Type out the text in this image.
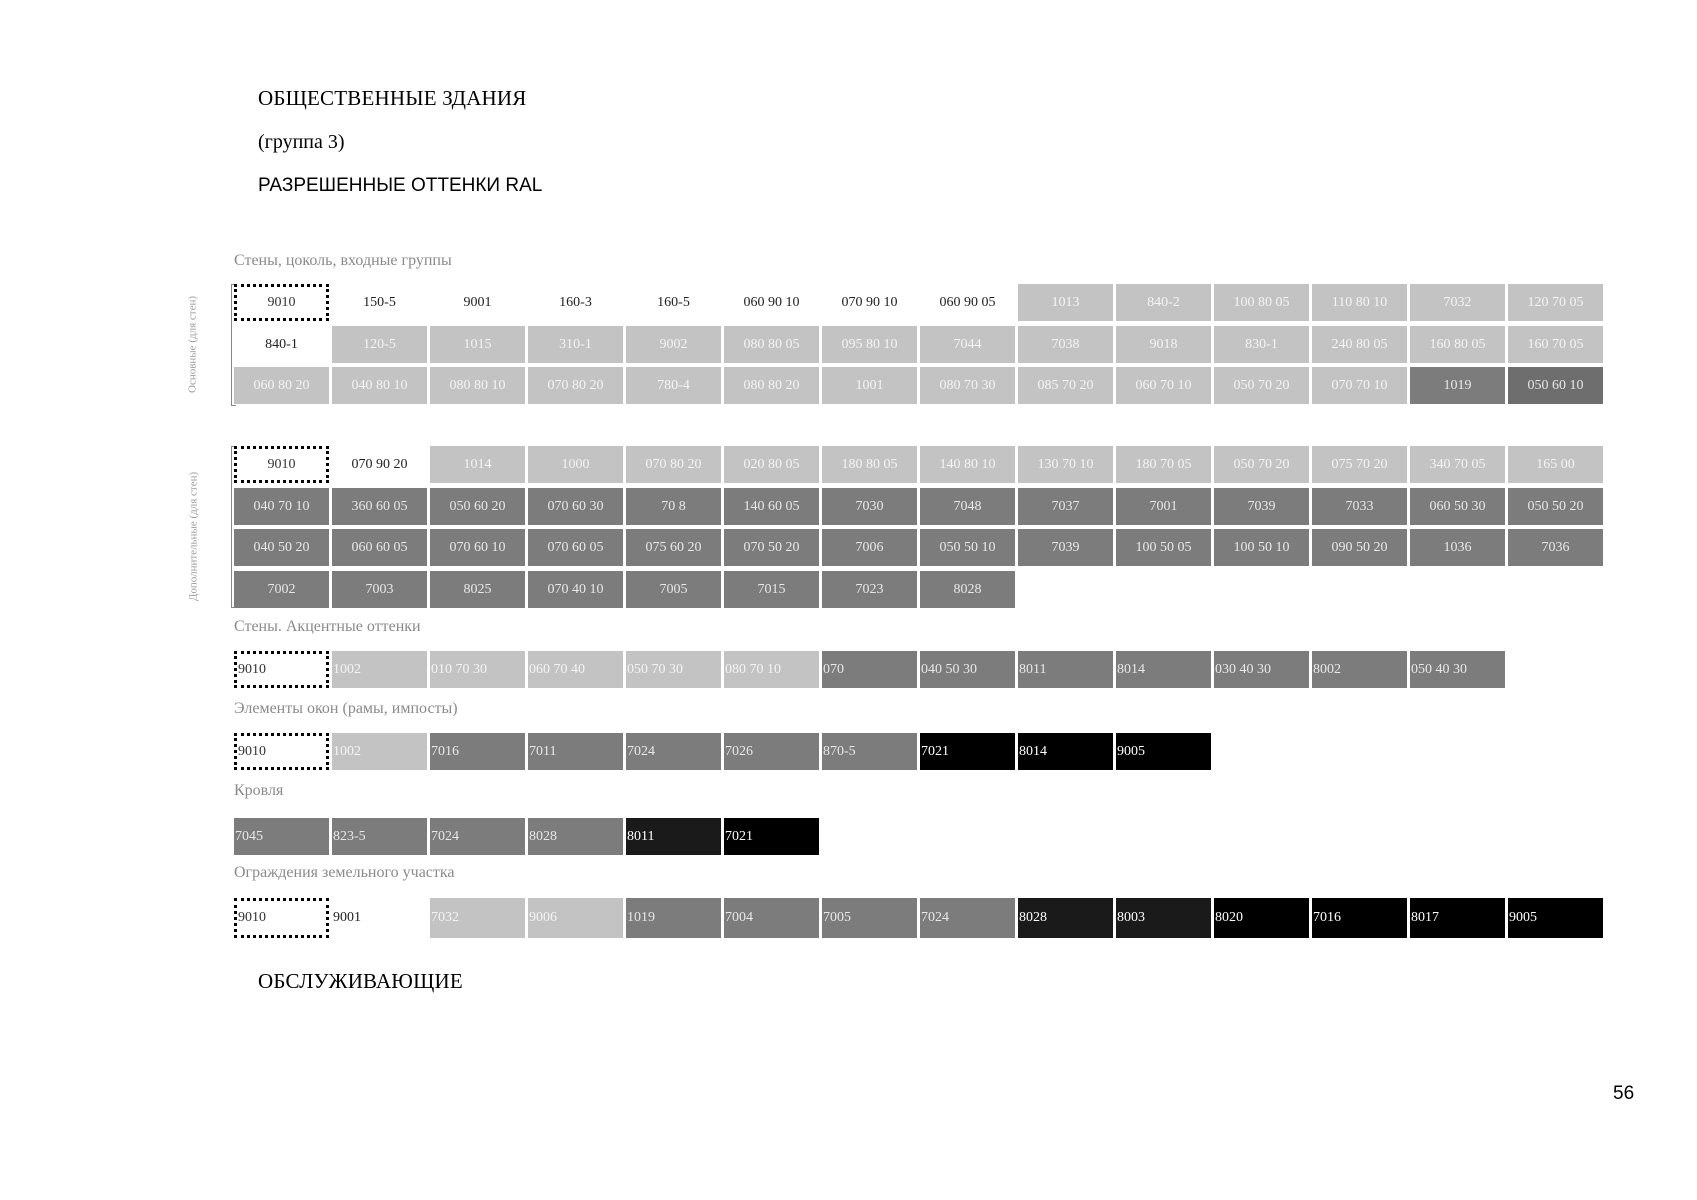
ОБЩЕСТВЕННЫЕ ЗДАНИЯ
(группа 3)
РАЗРЕШЕННЫЕ ОТТЕНКИ RAL
Стены, цоколь, входные группы
Основные (для стен)
Дополнительные (для стен)
9010	150-5	9001	160-3	160-5	060 90 10	070 90 10	060 90 05	1013	840-2	100 80 05	110 80 10	7032	120 70 05
840-1	120-5	1015	310-1	9002	080 80 05	095 80 10	7044	7038	9018	830-1	240 80 05	160 80 05	160 70 05
060 80 20	040 80 10	080 80 10	070 80 20	780-4	080 80 20	1001	080 70 30	085 70 20	060 70 10	050 70 20	070 70 10	1019	050 60 10
9010	070 90 20	1014	1000	070 80 20	020 80 05	180 80 05	140 80 10	130 70 10	180 70 05	050 70 20	075 70 20	340 70 05	165 00
040 70 10	360 60 05	050 60 20	070 60 30	70 8	140 60 05	7030	7048	7037	7001	7039	7033	060 50 30	050 50 20
040 50 20	060 60 05	070 60 10	070 60 05	075 60 20	070 50 20	7006	050 50 10	7039	100 50 05	100 50 10	090 50 20	1036	7036
7002	7003	8025	070 40 10	7005	7015	7023	8028
Стены. Акцентные оттенки
9010	1002	010 70 30	060 70 40	050 70 30	080 70 10	070	040 50 30	8011	8014	030 40 30	8002	050 40 30
Элементы окон (рамы, импосты)
9010	1002	7016	7011	7024	7026	870-5	7021	8014	9005
Кровля
7045	823-5	7024	8028	8011	7021
Ограждения земельного участка
9010	9001	7032	9006	1019	7004	7005	7024	8028	8003	8020	7016	8017	9005
ОБСЛУЖИВАЮЩИЕ
56
